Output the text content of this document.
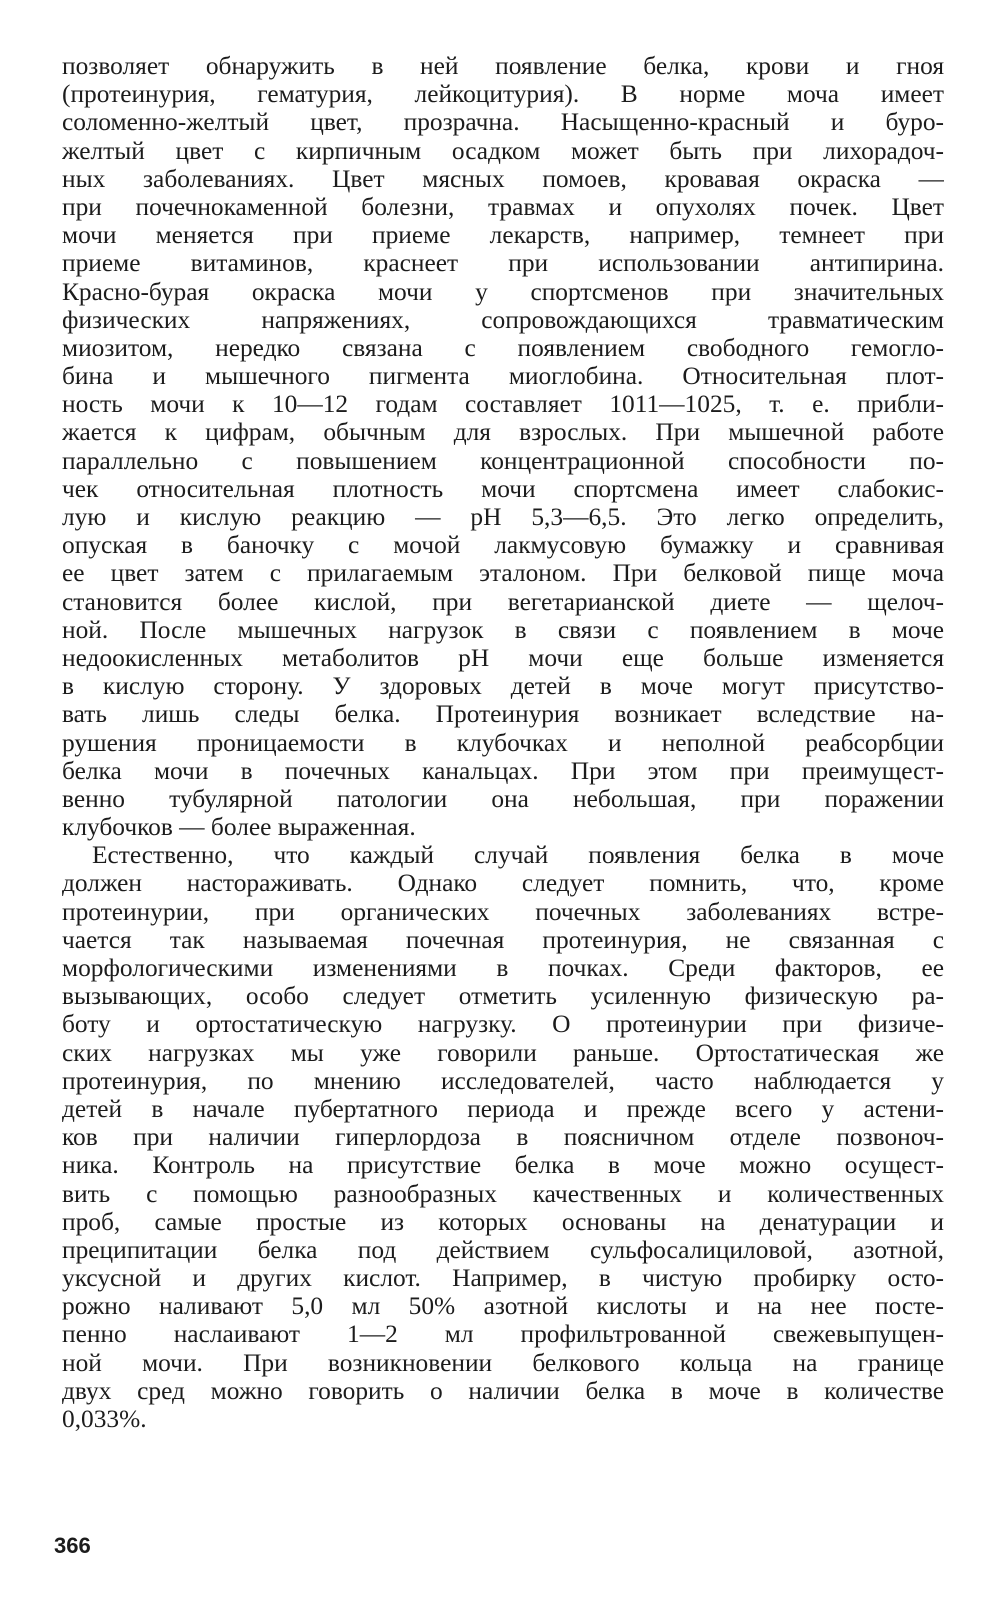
позволяет обнаружить в ней появление белка, крови и гноя
(протеинурия, гематурия, лейкоцитурия). В норме моча имеет
соломенно-желтый цвет, прозрачна. Насыщенно-красный и буро-
желтый цвет с кирпичным осадком может быть при лихорадоч-
ных заболеваниях. Цвет мясных помоев, кровавая окраска —
при почечнокаменной болезни, травмах и опухолях почек. Цвет
мочи меняется при приеме лекарств, например, темнеет при
приеме витаминов, краснеет при использовании антипирина.
Красно-бурая окраска мочи у спортсменов при значительных
физических напряжениях, сопровождающихся травматическим
миозитом, нередко связана с появлением свободного гемогло-
бина и мышечного пигмента миоглобина. Относительная плот-
ность мочи к 10—12 годам составляет 1011—1025, т. е. прибли-
жается к цифрам, обычным для взрослых. При мышечной работе
параллельно с повышением концентрационной способности по-
чек относительная плотность мочи спортсмена имеет слабокис-
лую и кислую реакцию — pH 5,3—6,5. Это легко определить,
опуская в баночку с мочой лакмусовую бумажку и сравнивая
ее цвет затем с прилагаемым эталоном. При белковой пище моча
становится более кислой, при вегетарианской диете — щелоч-
ной. После мышечных нагрузок в связи с появлением в моче
недоокисленных метаболитов pH мочи еще больше изменяется
в кислую сторону. У здоровых детей в моче могут присутство-
вать лишь следы белка. Протеинурия возникает вследствие на-
рушения проницаемости в клубочках и неполной реабсорбции
белка мочи в почечных канальцах. При этом при преимущест-
венно тубулярной патологии она небольшая, при поражении
клубочков — более выраженная.
Естественно, что каждый случай появления белка в моче
должен настораживать. Однако следует помнить, что, кроме
протеинурии, при органических почечных заболеваниях встре-
чается так называемая почечная протеинурия, не связанная с
морфологическими изменениями в почках. Среди факторов, ее
вызывающих, особо следует отметить усиленную физическую ра-
боту и ортостатическую нагрузку. О протеинурии при физиче-
ских нагрузках мы уже говорили раньше. Ортостатическая же
протеинурия, по мнению исследователей, часто наблюдается у
детей в начале пубертатного периода и прежде всего у астени-
ков при наличии гиперлордоза в поясничном отделе позвоноч-
ника. Контроль на присутствие белка в моче можно осущест-
вить с помощью разнообразных качественных и количественных
проб, самые простые из которых основаны на денатурации и
преципитации белка под действием сульфосалициловой, азотной,
уксусной и других кислот. Например, в чистую пробирку осто-
рожно наливают 5,0 мл 50% азотной кислоты и на нее посте-
пенно наслаивают 1—2 мл профильтрованной свежевыпущен-
ной мочи. При возникновении белкового кольца на границе
двух сред можно говорить о наличии белка в моче в количестве
0,033%.
366
